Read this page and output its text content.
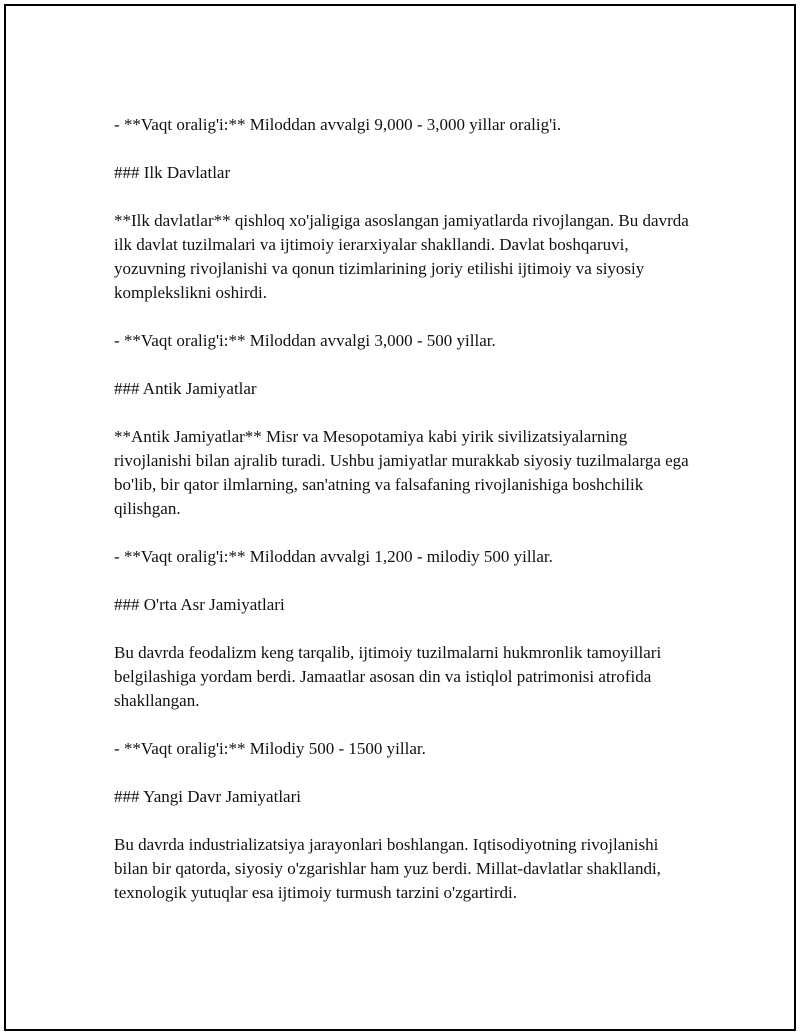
- **Vaqt oralig'i:** Miloddan avvalgi 9,000 - 3,000 yillar oralig'i.

### Ilk Davlatlar

**Ilk davlatlar** qishloq xo'jaligiga asoslangan jamiyatlarda rivojlangan. Bu davrda ilk davlat tuzilmalari va ijtimoiy ierarxiyalar shakllandi. Davlat boshqaruvi, yozuvning rivojlanishi va qonun tizimlarining joriy etilishi ijtimoiy va siyosiy komplekslikni oshirdi.

- **Vaqt oralig'i:** Miloddan avvalgi 3,000 - 500 yillar.

### Antik Jamiyatlar

**Antik Jamiyatlar** Misr va Mesopotamiya kabi yirik sivilizatsiyalarning rivojlanishi bilan ajralib turadi. Ushbu jamiyatlar murakkab siyosiy tuzilmalarga ega bo'lib, bir qator ilmlarning, san'atning va falsafaning rivojlanishiga boshchilik qilishgan.

- **Vaqt oralig'i:** Miloddan avvalgi 1,200 - milodiy 500 yillar.

### O'rta Asr Jamiyatlari

Bu davrda feodalizm keng tarqalib, ijtimoiy tuzilmalarni hukmronlik tamoyillari belgilashiga yordam berdi. Jamaatlar asosan din va istiqlol patrimonisi atrofida shakllangan.

- **Vaqt oralig'i:** Milodiy 500 - 1500 yillar.

### Yangi Davr Jamiyatlari

Bu davrda industrializatsiya jarayonlari boshlangan. Iqtisodiyotning rivojlanishi bilan bir qatorda, siyosiy o'zgarishlar ham yuz berdi. Millat-davlatlar shakllandi, texnologik yutuqlar esa ijtimoiy turmush tarzini o'zgartirdi.
